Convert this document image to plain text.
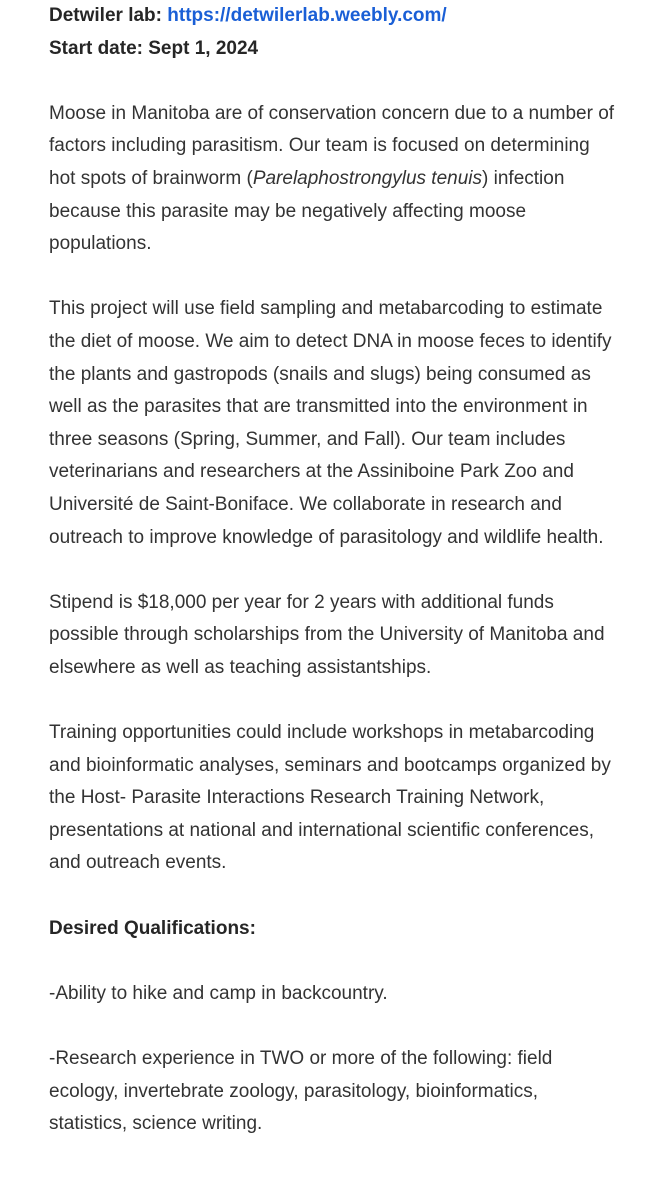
Detwiler lab: https://detwilerlab.weebly.com/

Start date: Sept 1, 2024

Moose in Manitoba are of conservation concern due to a number of factors including parasitism. Our team is focused on determining hot spots of brainworm (Parelaphostrongylus tenuis) infection because this parasite may be negatively affecting moose populations.

This project will use field sampling and metabarcoding to estimate the diet of moose. We aim to detect DNA in moose feces to identify the plants and gastropods (snails and slugs) being consumed as well as the parasites that are transmitted into the environment in three seasons (Spring, Summer, and Fall). Our team includes veterinarians and researchers at the Assiniboine Park Zoo and Université de Saint-Boniface. We collaborate in research and outreach to improve knowledge of parasitology and wildlife health.

Stipend is $18,000 per year for 2 years with additional funds possible through scholarships from the University of Manitoba and elsewhere as well as teaching assistantships.

Training opportunities could include workshops in metabarcoding and bioinformatic analyses, seminars and bootcamps organized by the Host- Parasite Interactions Research Training Network, presentations at national and international scientific conferences, and outreach events.

Desired Qualifications:

-Ability to hike and camp in backcountry.

-Research experience in TWO or more of the following: field ecology, invertebrate zoology, parasitology, bioinformatics, statistics, science writing.
